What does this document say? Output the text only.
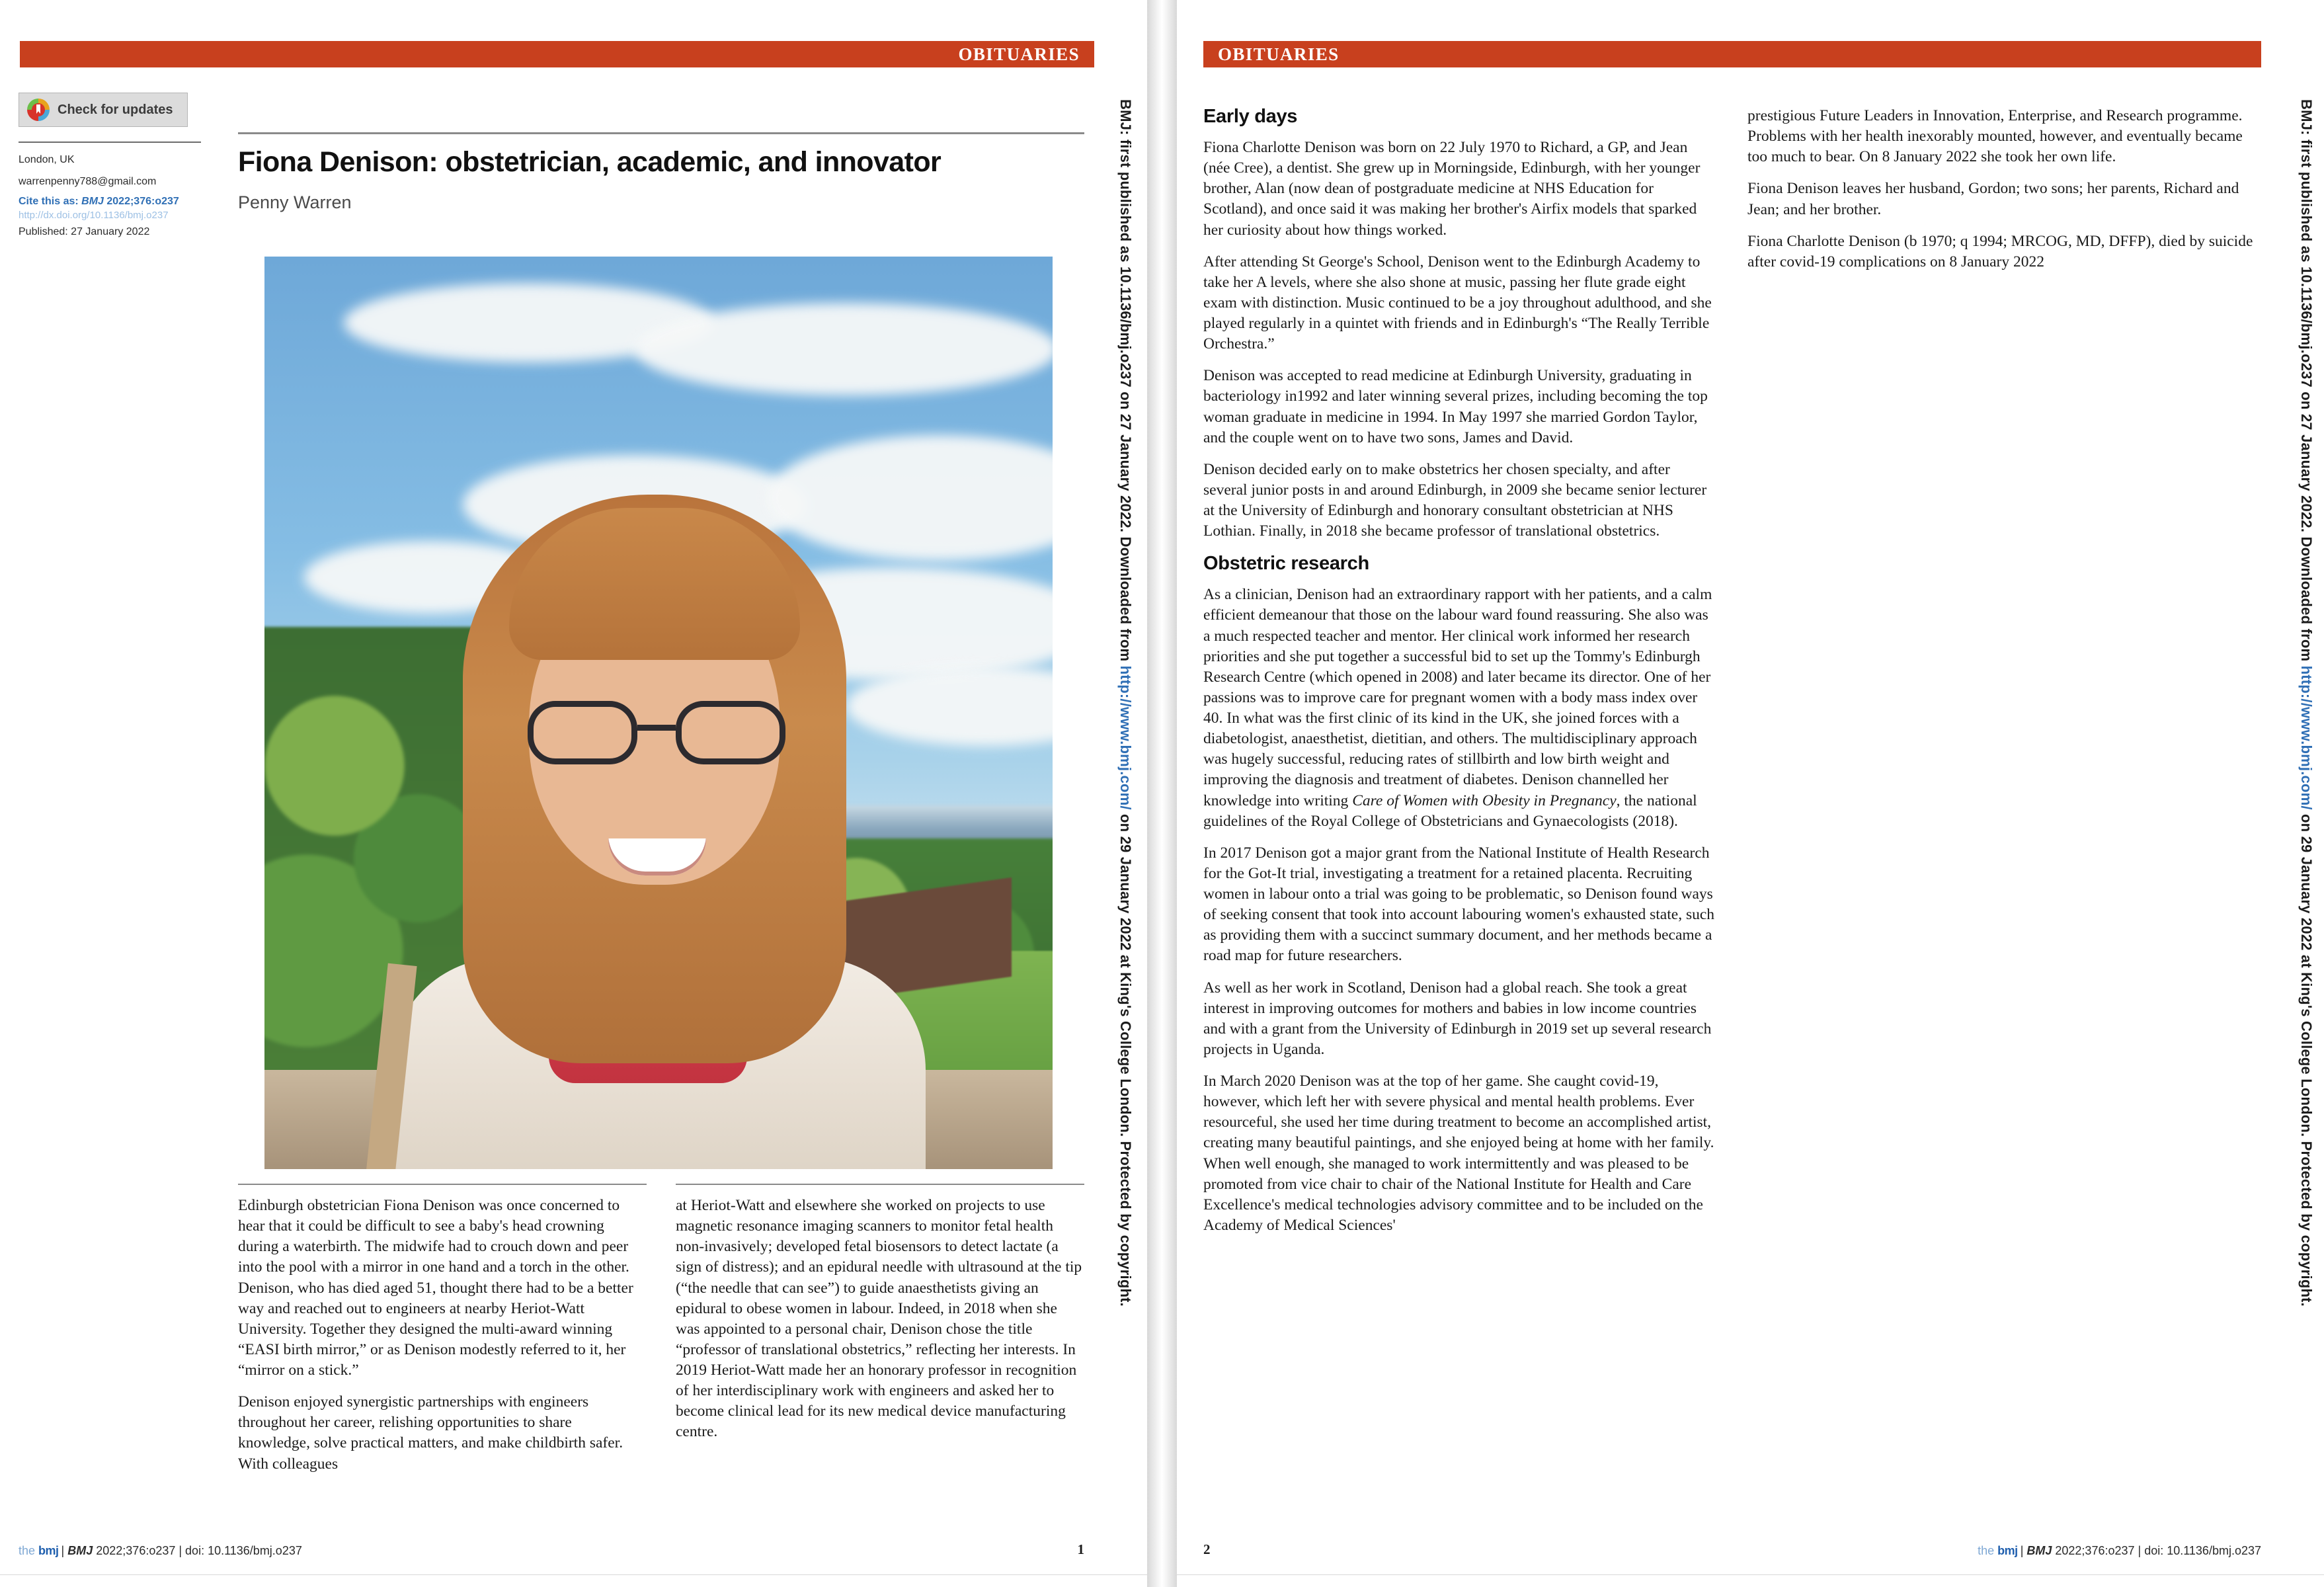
OBITUARIES
Check for updates
London, UK
warrenpenny788@gmail.com
Cite this as: BMJ 2022;376:o237
http://dx.doi.org/10.1136/bmj.o237
Published: 27 January 2022
Fiona Denison: obstetrician, academic, and innovator
Penny Warren

Edinburgh obstetrician Fiona Denison was once concerned to hear that it could be difficult to see a baby's head crowning during a waterbirth. The midwife had to crouch down and peer into the pool with a mirror in one hand and a torch in the other. Denison, who has died aged 51, thought there had to be a better way and reached out to engineers at nearby Heriot-Watt University. Together they designed the multi-award winning “EASI birth mirror,” or as Denison modestly referred to it, her “mirror on a stick.”

Denison enjoyed synergistic partnerships with engineers throughout her career, relishing opportunities to share knowledge, solve practical matters, and make childbirth safer. With colleagues

at Heriot-Watt and elsewhere she worked on projects to use magnetic resonance imaging scanners to monitor fetal health non-invasively; developed fetal biosensors to detect lactate (a sign of distress); and an epidural needle with ultrasound at the tip (“the needle that can see”) to guide anaesthetists giving an epidural to obese women in labour. Indeed, in 2018 when she was appointed to a personal chair, Denison chose the title “professor of translational obstetrics,” reflecting her interests. In 2019 Heriot-Watt made her an honorary professor in recognition of her interdisciplinary work with engineers and asked her to become clinical lead for its new medical device manufacturing centre.

BMJ: first published as 10.1136/bmj.o237 on 27 January 2022. Downloaded from http://www.bmj.com/ on 29 January 2022 at King's College London. Protected by copyright.
the bmj | BMJ 2022;376:o237 | doi: 10.1136/bmj.o237	1
OBITUARIES
Early days

Fiona Charlotte Denison was born on 22 July 1970 to Richard, a GP, and Jean (née Cree), a dentist. She grew up in Morningside, Edinburgh, with her younger brother, Alan (now dean of postgraduate medicine at NHS Education for Scotland), and once said it was making her brother's Airfix models that sparked her curiosity about how things worked.

After attending St George's School, Denison went to the Edinburgh Academy to take her A levels, where she also shone at music, passing her flute grade eight exam with distinction. Music continued to be a joy throughout adulthood, and she played regularly in a quintet with friends and in Edinburgh's “The Really Terrible Orchestra.”

Denison was accepted to read medicine at Edinburgh University, graduating in bacteriology in1992 and later winning several prizes, including becoming the top woman graduate in medicine in 1994. In May 1997 she married Gordon Taylor, and the couple went on to have two sons, James and David.

Denison decided early on to make obstetrics her chosen specialty, and after several junior posts in and around Edinburgh, in 2009 she became senior lecturer at the University of Edinburgh and honorary consultant obstetrician at NHS Lothian. Finally, in 2018 she became professor of translational obstetrics.

Obstetric research

As a clinician, Denison had an extraordinary rapport with her patients, and a calm efficient demeanour that those on the labour ward found reassuring. She also was a much respected teacher and mentor. Her clinical work informed her research priorities and she put together a successful bid to set up the Tommy's Edinburgh Research Centre (which opened in 2008) and later became its director. One of her passions was to improve care for pregnant women with a body mass index over 40. In what was the first clinic of its kind in the UK, she joined forces with a diabetologist, anaesthetist, dietitian, and others. The multidisciplinary approach was hugely successful, reducing rates of stillbirth and low birth weight and improving the diagnosis and treatment of diabetes. Denison channelled her knowledge into writing Care of Women with Obesity in Pregnancy, the national guidelines of the Royal College of Obstetricians and Gynaecologists (2018).

In 2017 Denison got a major grant from the National Institute of Health Research for the Got-It trial, investigating a treatment for a retained placenta. Recruiting women in labour onto a trial was going to be problematic, so Denison found ways of seeking consent that took into account labouring women's exhausted state, such as providing them with a succinct summary document, and her methods became a road map for future researchers.

As well as her work in Scotland, Denison had a global reach. She took a great interest in improving outcomes for mothers and babies in low income countries and with a grant from the University of Edinburgh in 2019 set up several research projects in Uganda.

In March 2020 Denison was at the top of her game. She caught covid-19, however, which left her with severe physical and mental health problems. Ever resourceful, she used her time during treatment to become an accomplished artist, creating many beautiful paintings, and she enjoyed being at home with her family. When well enough, she managed to work intermittently and was pleased to be promoted from vice chair to chair of the National Institute for Health and Care Excellence's medical technologies advisory committee and to be included on the Academy of Medical Sciences'

prestigious Future Leaders in Innovation, Enterprise, and Research programme. Problems with her health inexorably mounted, however, and eventually became too much to bear. On 8 January 2022 she took her own life.

Fiona Denison leaves her husband, Gordon; two sons; her parents, Richard and Jean; and her brother.

Fiona Charlotte Denison (b 1970; q 1994; MRCOG, MD, DFFP), died by suicide after covid-19 complications on 8 January 2022	BMJ: first published as 10.1136/bmj.o237 on 27 January 2022. Downloaded from http://www.bmj.com/ on 29 January 2022 at King's College London. Protected by copyright.
the bmj | BMJ 2022;376:o237 | doi: 10.1136/bmj.o237
2
